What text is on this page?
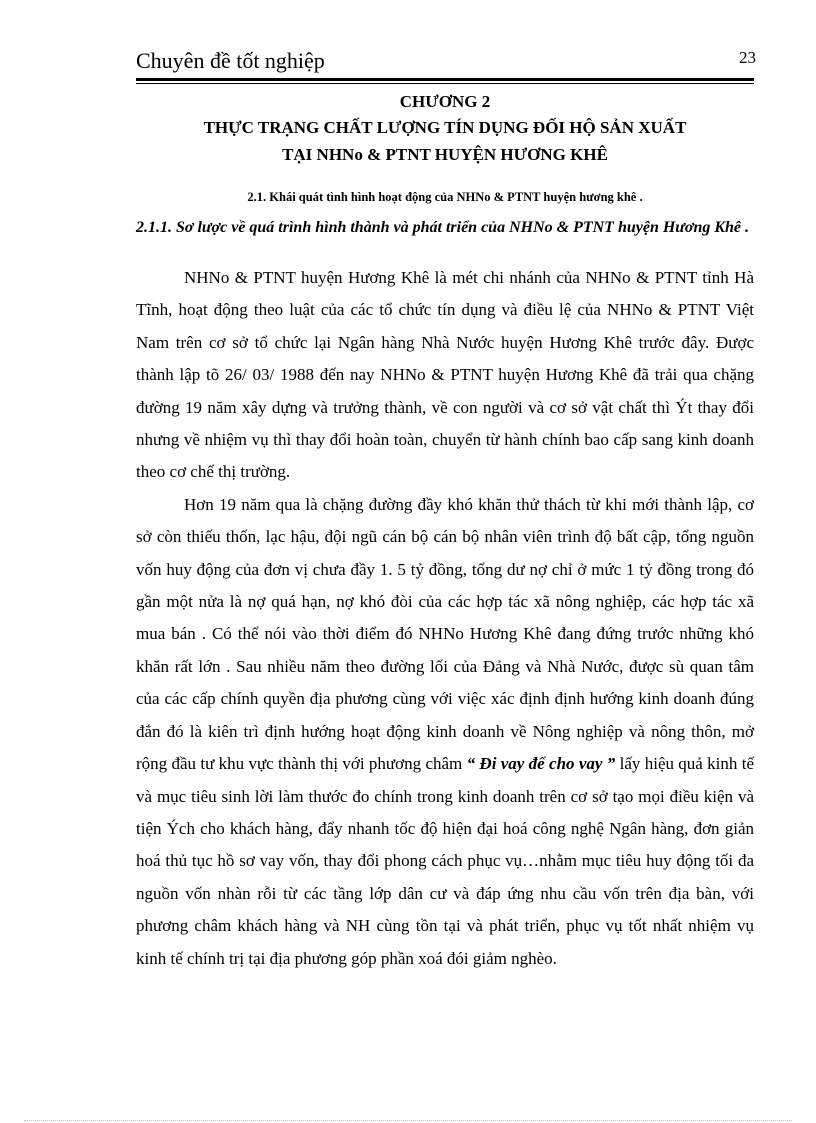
Chuyên đề tốt nghiệp	23
CHƯƠNG 2
THỰC TRẠNG CHẤT LƯỢNG TÍN DỤNG ĐỐI HỘ SẢN XUẤT
TẠI NHNo & PTNT HUYỆN HƯƠNG KHÊ
2.1. Khái quát tình hình hoạt động của NHNo & PTNT huyện hương khê .
2.1.1. Sơ lược về quá trình hình thành và phát triển của NHNo & PTNT huyện Hương Khê .

NHNo & PTNT huyện Hương Khê là mét chi nhánh của NHNo & PTNT tỉnh Hà Tĩnh, hoạt động theo luật của các tổ chức tín dụng và điều lệ của NHNo & PTNT Việt Nam trên cơ sở tổ chức lại Ngân hàng Nhà Nước huyện Hương Khê trước đây. Được thành lập tõ 26/ 03/ 1988 đến nay NHNo & PTNT huyện Hương Khê đã trải qua chặng đường 19 năm xây dựng và trưởng thành, về con người và cơ sở vật chất thì Ýt thay đổi nhưng về nhiệm vụ thì thay đổi hoàn toàn, chuyển từ hành chính bao cấp sang kinh doanh theo cơ chế thị trường.

Hơn 19 năm qua là chặng đường đầy khó khăn thử thách từ khi mới thành lập, cơ sở còn thiếu thốn, lạc hậu, đội ngũ cán bộ cán bộ nhân viên trình độ bất cập, tổng nguồn vốn huy động của đơn vị chưa đầy 1. 5 tỷ đồng, tổng dư nợ chỉ ở mức 1 tỷ đồng trong đó gần một nửa là nợ quá hạn, nợ khó đòi của các hợp tác xã nông nghiệp, các hợp tác xã mua bán . Có thể nói vào thời điểm đó NHNo Hương Khê đang đứng trước những khó khăn rất lớn . Sau nhiều năm theo đường lối của Đảng và Nhà Nước, được sù quan tâm của các cấp chính quyền địa phương cùng với việc xác định định hướng kinh doanh đúng đắn đó là kiên trì định hướng hoạt động kinh doanh về Nông nghiệp và nông thôn, mở rộng đầu tư khu vực thành thị với phương châm “ Đi vay để cho vay ” lấy hiệu quả kinh tế và mục tiêu sinh lời làm thước đo chính trong kinh doanh trên cơ sở tạo mọi điều kiện và tiện Ých cho khách hàng, đẩy nhanh tốc độ hiện đại hoá công nghệ Ngân hàng, đơn giản hoá thủ tục hồ sơ vay vốn, thay đổi phong cách phục vụ…nhằm mục tiêu huy động tối đa nguồn vốn nhàn rỗi từ các tầng lớp dân cư và đáp ứng nhu cầu vốn trên địa bàn, với phương châm khách hàng và NH cùng tồn tại và phát triển, phục vụ tốt nhất nhiệm vụ kinh tế chính trị tại địa phương góp phần xoá đói giảm nghèo.
